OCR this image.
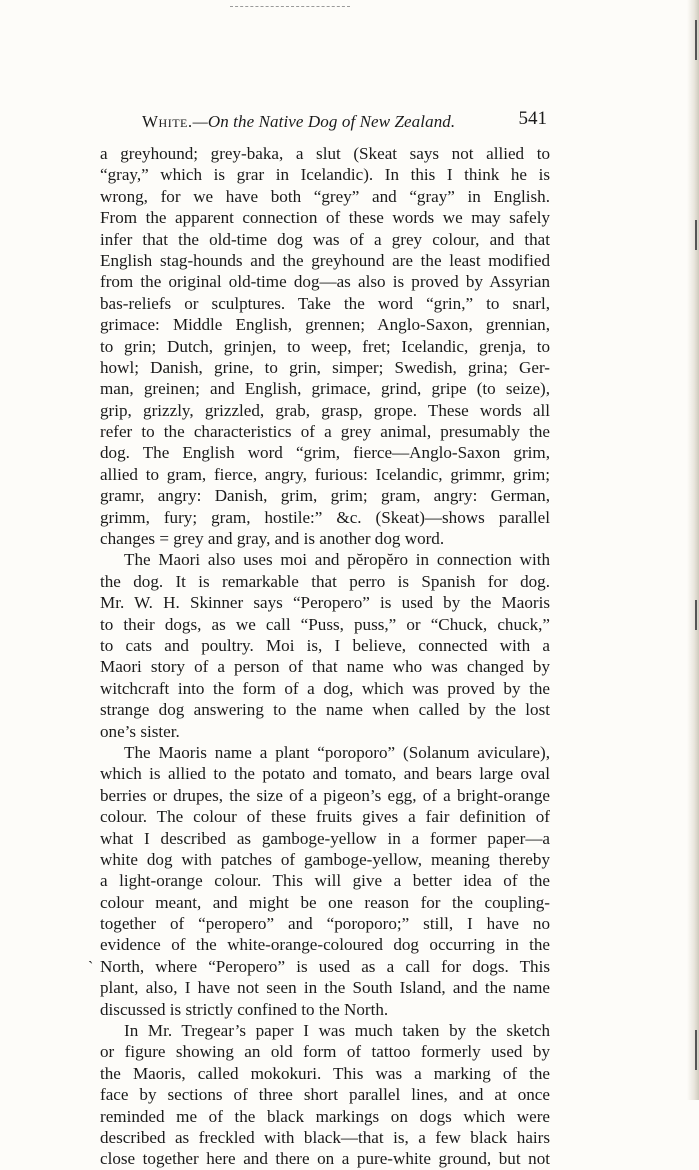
White.—On the Native Dog of New Zealand.	541
a greyhound; grey-baka, a slut (Skeat says not allied to
“gray,” which is grar in Icelandic). In this I think he is
wrong, for we have both “grey” and “gray” in English.
From the apparent connection of these words we may safely
infer that the old-time dog was of a grey colour, and that
English stag-hounds and the greyhound are the least modified
from the original old-time dog—as also is proved by Assyrian
bas-reliefs or sculptures. Take the word “grin,” to snarl,
grimace: Middle English, grennen; Anglo-Saxon, grennian,
to grin; Dutch, grinjen, to weep, fret; Icelandic, grenja, to
howl; Danish, grine, to grin, simper; Swedish, grina; Ger-
man, greinen; and English, grimace, grind, gripe (to seize),
grip, grizzly, grizzled, grab, grasp, grope. These words all
refer to the characteristics of a grey animal, presumably the
dog. The English word “grim, fierce—Anglo-Saxon grim,
allied to gram, fierce, angry, furious: Icelandic, grimmr, grim;
gramr, angry: Danish, grim, grim; gram, angry: German,
grimm, fury; gram, hostile:” &c. (Skeat)—shows parallel
changes = grey and gray, and is another dog word.
The Maori also uses moi and pĕropĕro in connection with
the dog. It is remarkable that perro is Spanish for dog.
Mr. W. H. Skinner says “Peropero” is used by the Maoris
to their dogs, as we call “Puss, puss,” or “Chuck, chuck,”
to cats and poultry. Moi is, I believe, connected with a
Maori story of a person of that name who was changed by
witchcraft into the form of a dog, which was proved by the
strange dog answering to the name when called by the lost
one’s sister.
The Maoris name a plant “poroporo” (Solanum aviculare),
which is allied to the potato and tomato, and bears large oval
berries or drupes, the size of a pigeon’s egg, of a bright-orange
colour. The colour of these fruits gives a fair definition of
what I described as gamboge-yellow in a former paper—a
white dog with patches of gamboge-yellow, meaning thereby
a light-orange colour. This will give a better idea of the
colour meant, and might be one reason for the coupling-
together of “peropero” and “poroporo;” still, I have no
evidence of the white-orange-coloured dog occurring in the
North, where “Peropero” is used as a call for dogs. This
plant, also, I have not seen in the South Island, and the name
discussed is strictly confined to the North.
In Mr. Tregear’s paper I was much taken by the sketch
or figure showing an old form of tattoo formerly used by
the Maoris, called mokokuri. This was a marking of the
face by sections of three short parallel lines, and at once
reminded me of the black markings on dogs which were
described as freckled with black—that is, a few black hairs
close together here and there on a pure-white ground, but not
ˎ
